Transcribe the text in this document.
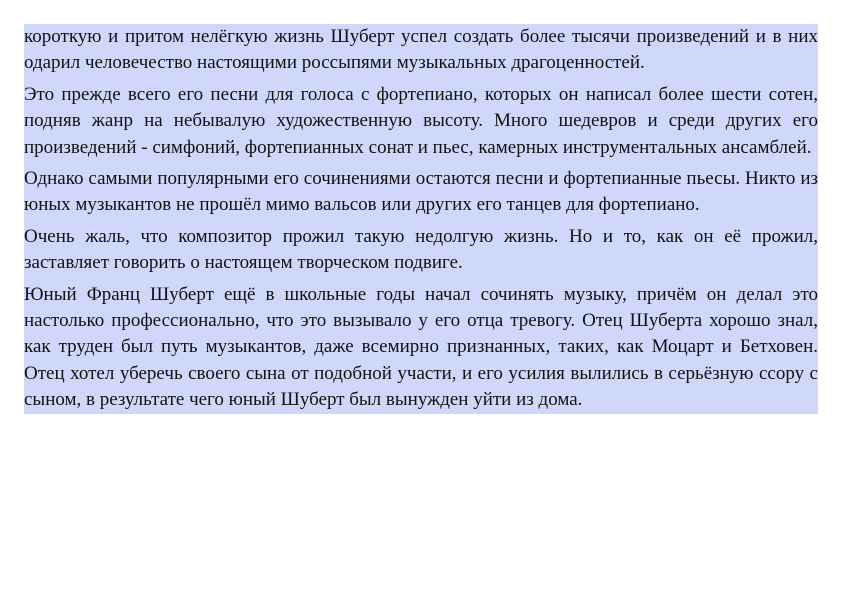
короткую и притом нелёгкую жизнь Шуберт успел создать более тысячи произведений и в них одарил человечество настоящими россыпями музыкальных драгоценностей.

Это прежде всего его песни для голоса с фортепиано, которых он написал более шести сотен, подняв жанр на небывалую художественную высоту. Много шедевров и среди других его произведений - симфоний, фортепианных сонат и пьес, камерных инструментальных ансамблей.

Однако самыми популярными его сочинениями остаются песни и фортепианные пьесы. Никто из юных музыкантов не прошёл мимо вальсов или других его танцев для фортепиано.

Очень жаль, что композитор прожил такую недолгую жизнь. Но и то, как он её прожил, заставляет говорить о настоящем творческом подвиге.

Юный Франц Шуберт ещё в школьные годы начал сочинять музыку, причём он делал это настолько профессионально, что это вызывало у его отца тревогу. Отец Шуберта хорошо знал, как труден был путь музыкантов, даже всемирно признанных, таких, как Моцарт и Бетховен. Отец хотел уберечь своего сына от подобной участи, и его усилия вылились в серьёзную ссору с сыном, в результате чего юный Шуберт был вынужден уйти из дома.
